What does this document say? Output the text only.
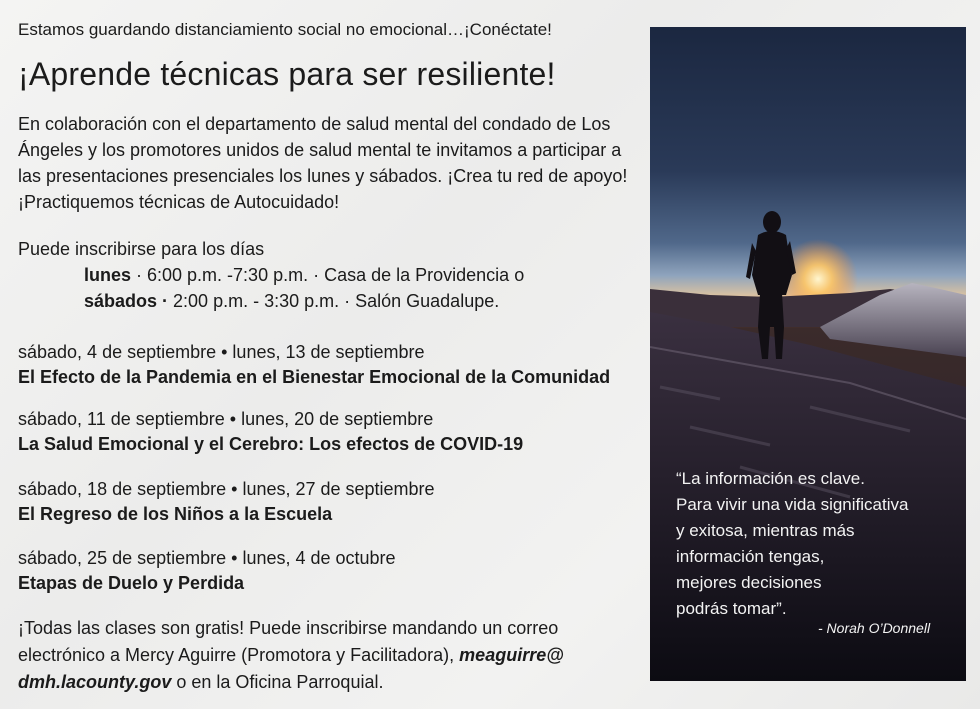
Estamos guardando distanciamiento social no emocional…¡Conéctate!
¡Aprende técnicas para ser resiliente!
En colaboración con el departamento de salud mental del condado de Los Ángeles y los promotores unidos de salud mental te invitamos a participar a las presentaciones presenciales los lunes y sábados. ¡Crea tu red de apoyo! ¡Practiquemos técnicas de Autocuidado!
Puede inscribirse para los días
lunes · 6:00 p.m. -7:30 p.m. · Casa de la Providencia o
sábados · 2:00 p.m. - 3:30 p.m. · Salón Guadalupe.
sábado, 4 de septiembre • lunes, 13 de septiembre
El Efecto de la Pandemia en el Bienestar Emocional de la Comunidad
sábado, 11 de septiembre • lunes, 20 de septiembre
La Salud Emocional y el Cerebro: Los efectos de COVID-19
sábado, 18 de septiembre • lunes, 27 de septiembre
El Regreso de los Niños a la Escuela
sábado, 25 de septiembre • lunes, 4 de octubre
Etapas de Duelo y Perdida
¡Todas las clases son gratis! Puede inscribirse mandando un correo electrónico a Mercy Aguirre (Promotora y Facilitadora), meaguirre@
dmh.lacounty.gov o en la Oficina Parroquial.
“La información es clave.
Para vivir una vida significativa
y exitosa, mientras más
información tengas,
mejores decisiones
podrás tomar”.
- Norah O’Donnell
